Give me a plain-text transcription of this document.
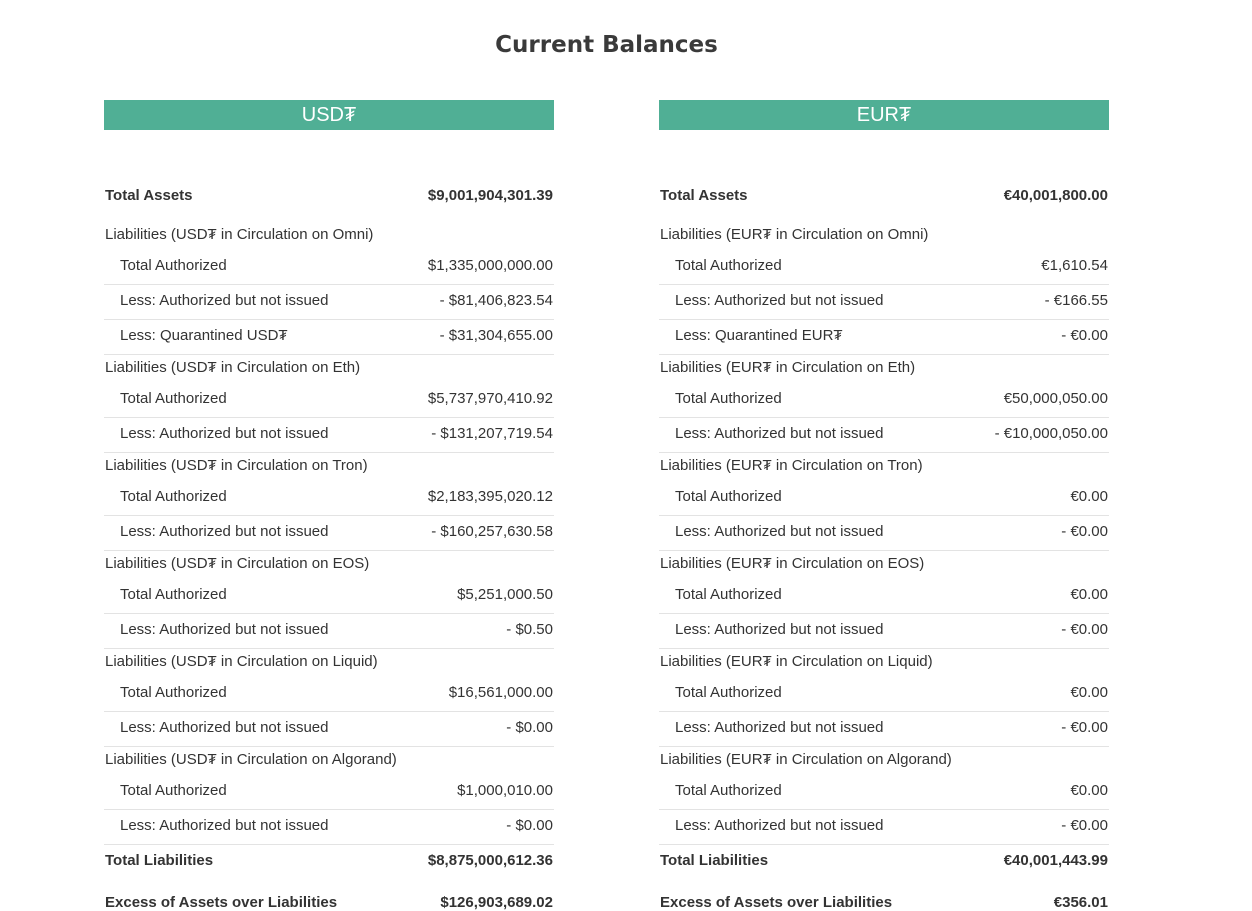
Current Balances
USD₮
Total Assets	$9,001,904,301.39
Liabilities (USD₮ in Circulation on Omni)
Total Authorized	$1,335,000,000.00
Less: Authorized but not issued	- $81,406,823.54
Less: Quarantined USD₮	- $31,304,655.00
Liabilities (USD₮ in Circulation on Eth)
Total Authorized	$5,737,970,410.92
Less: Authorized but not issued	- $131,207,719.54
Liabilities (USD₮ in Circulation on Tron)
Total Authorized	$2,183,395,020.12
Less: Authorized but not issued	- $160,257,630.58
Liabilities (USD₮ in Circulation on EOS)
Total Authorized	$5,251,000.50
Less: Authorized but not issued	- $0.50
Liabilities (USD₮ in Circulation on Liquid)
Total Authorized	$16,561,000.00
Less: Authorized but not issued	- $0.00
Liabilities (USD₮ in Circulation on Algorand)
Total Authorized	$1,000,010.00
Less: Authorized but not issued	- $0.00
Total Liabilities	$8,875,000,612.36
Excess of Assets over Liabilities	$126,903,689.02
EUR₮
Total Assets	€40,001,800.00
Liabilities (EUR₮ in Circulation on Omni)
Total Authorized	€1,610.54
Less: Authorized but not issued	- €166.55
Less: Quarantined EUR₮	- €0.00
Liabilities (EUR₮ in Circulation on Eth)
Total Authorized	€50,000,050.00
Less: Authorized but not issued	- €10,000,050.00
Liabilities (EUR₮ in Circulation on Tron)
Total Authorized	€0.00
Less: Authorized but not issued	- €0.00
Liabilities (EUR₮ in Circulation on EOS)
Total Authorized	€0.00
Less: Authorized but not issued	- €0.00
Liabilities (EUR₮ in Circulation on Liquid)
Total Authorized	€0.00
Less: Authorized but not issued	- €0.00
Liabilities (EUR₮ in Circulation on Algorand)
Total Authorized	€0.00
Less: Authorized but not issued	- €0.00
Total Liabilities	€40,001,443.99
Excess of Assets over Liabilities	€356.01
